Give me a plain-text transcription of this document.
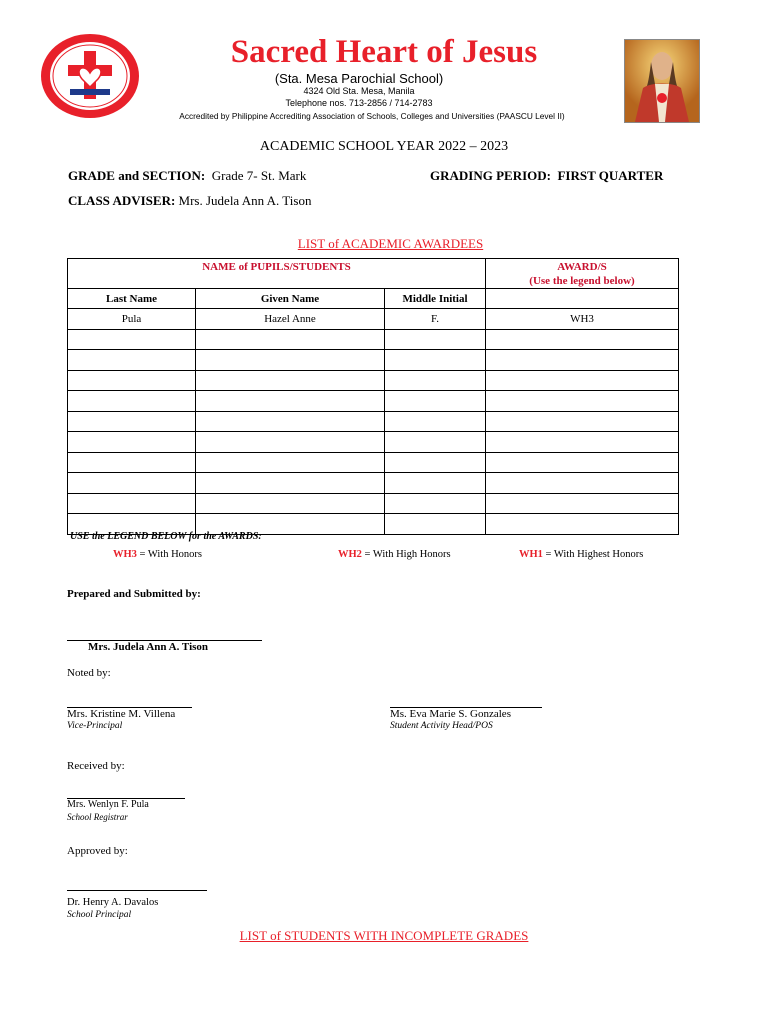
Sacred Heart of Jesus
(Sta. Mesa Parochial School)
4324 Old Sta. Mesa, Manila
Telephone nos. 713-2856 / 714-2783
Accredited by Philippine Accrediting Association of Schools, Colleges and Universities (PAASCU Level II)
ACADEMIC SCHOOL YEAR 2022 – 2023
GRADE and SECTION: Grade 7- St. Mark	GRADING PERIOD: FIRST QUARTER
CLASS ADVISER: Mrs. Judela Ann A. Tison
LIST of ACADEMIC AWARDEES
NAME of PUPILS/STUDENTS			AWARD/S
(Use the legend below)
Last Name	Given Name	Middle Initial	
Pula	Hazel Anne	F.	WH3

USE the LEGEND BELOW for the AWARDS:
WH3 = With Honors	WH2 = With High Honors	WH1 = With Highest Honors
Prepared and Submitted by:
Mrs. Judela Ann A. Tison
Noted by:
Mrs. Kristine M. Villena
Vice-Principal
Ms. Eva Marie S. Gonzales
Student Activity Head/POS
Received by:
Mrs. Wenlyn F. Pula
School Registrar
Approved by:
Dr. Henry A. Davalos
School Principal
LIST of STUDENTS WITH INCOMPLETE GRADES
